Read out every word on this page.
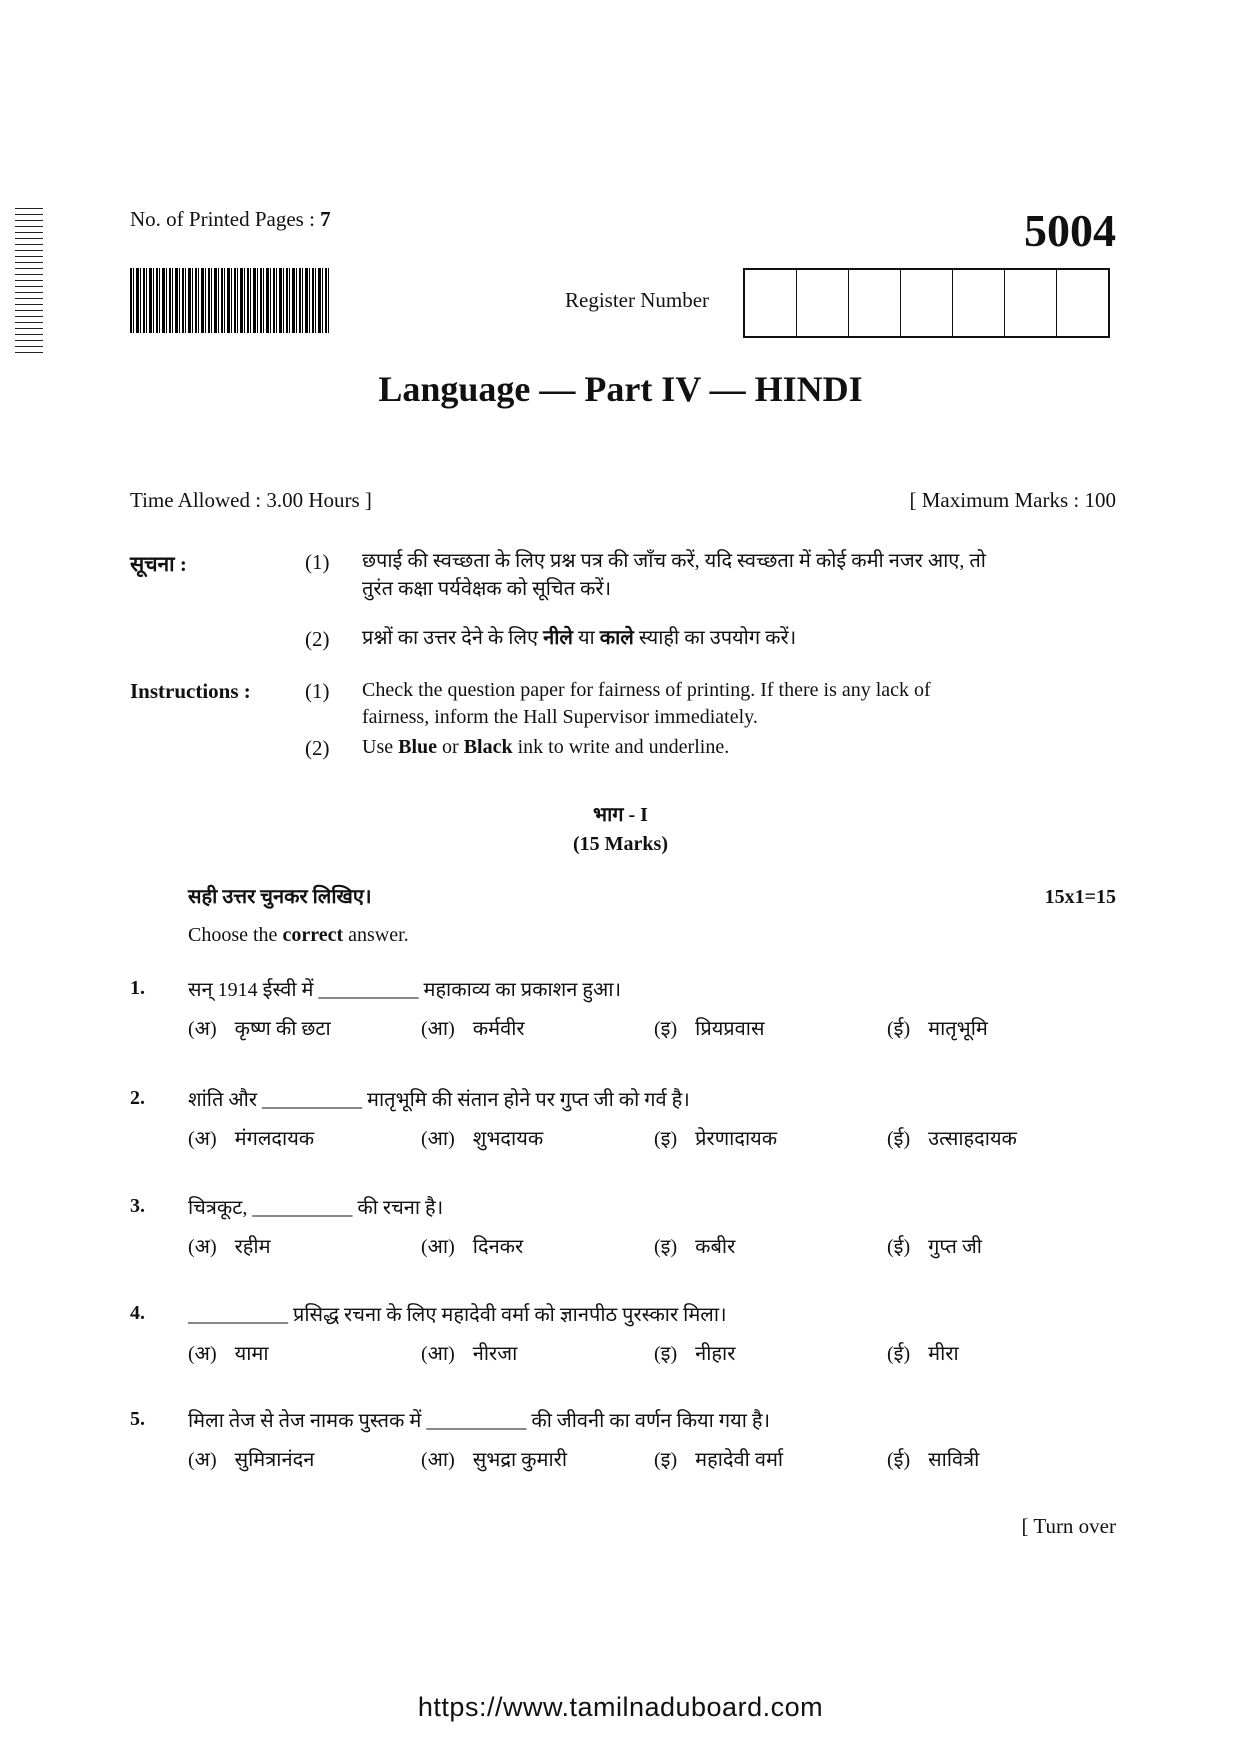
No. of Printed Pages : 7	5004
Register Number
Language — Part IV — HINDI
Time Allowed : 3.00 Hours ]	[ Maximum Marks : 100
सूचना :	(1) छपाई की स्वच्छता के लिए प्रश्न पत्र की जाँच करें, यदि स्वच्छता में कोई कमी नजर आए, तो
तुरंत कक्षा पर्यवेक्षक को सूचित करें।
(2) प्रश्नों का उत्तर देने के लिए नीले या काले स्याही का उपयोग करें।
Instructions :	(1) Check the question paper for fairness of printing. If there is any lack of
fairness, inform the Hall Supervisor immediately.
(2) Use Blue or Black ink to write and underline.
भाग - I
(15 Marks)
सही उत्तर चुनकर लिखिए।	15x1=15
Choose the correct answer.
1. सन् 1914 ईस्वी में __________ महाकाव्य का प्रकाशन हुआ।
(अ) कृष्ण की छटा	(आ) कर्मवीर	(इ) प्रियप्रवास	(ई) मातृभूमि
2. शांति और __________ मातृभूमि की संतान होने पर गुप्त जी को गर्व है।
(अ) मंगलदायक	(आ) शुभदायक	(इ) प्रेरणादायक	(ई) उत्साहदायक
3. चित्रकूट, __________ की रचना है।
(अ) रहीम	(आ) दिनकर	(इ) कबीर	(ई) गुप्त जी
4. __________ प्रसिद्ध रचना के लिए महादेवी वर्मा को ज्ञानपीठ पुरस्कार मिला।
(अ) यामा	(आ) नीरजा	(इ) नीहार	(ई) मीरा
5. मिला तेज से तेज नामक पुस्तक में __________ की जीवनी का वर्णन किया गया है।
(अ) सुमित्रानंदन	(आ) सुभद्रा कुमारी	(इ) महादेवी वर्मा	(ई) सावित्री
[ Turn over
https://www.tamilnaduboard.com
